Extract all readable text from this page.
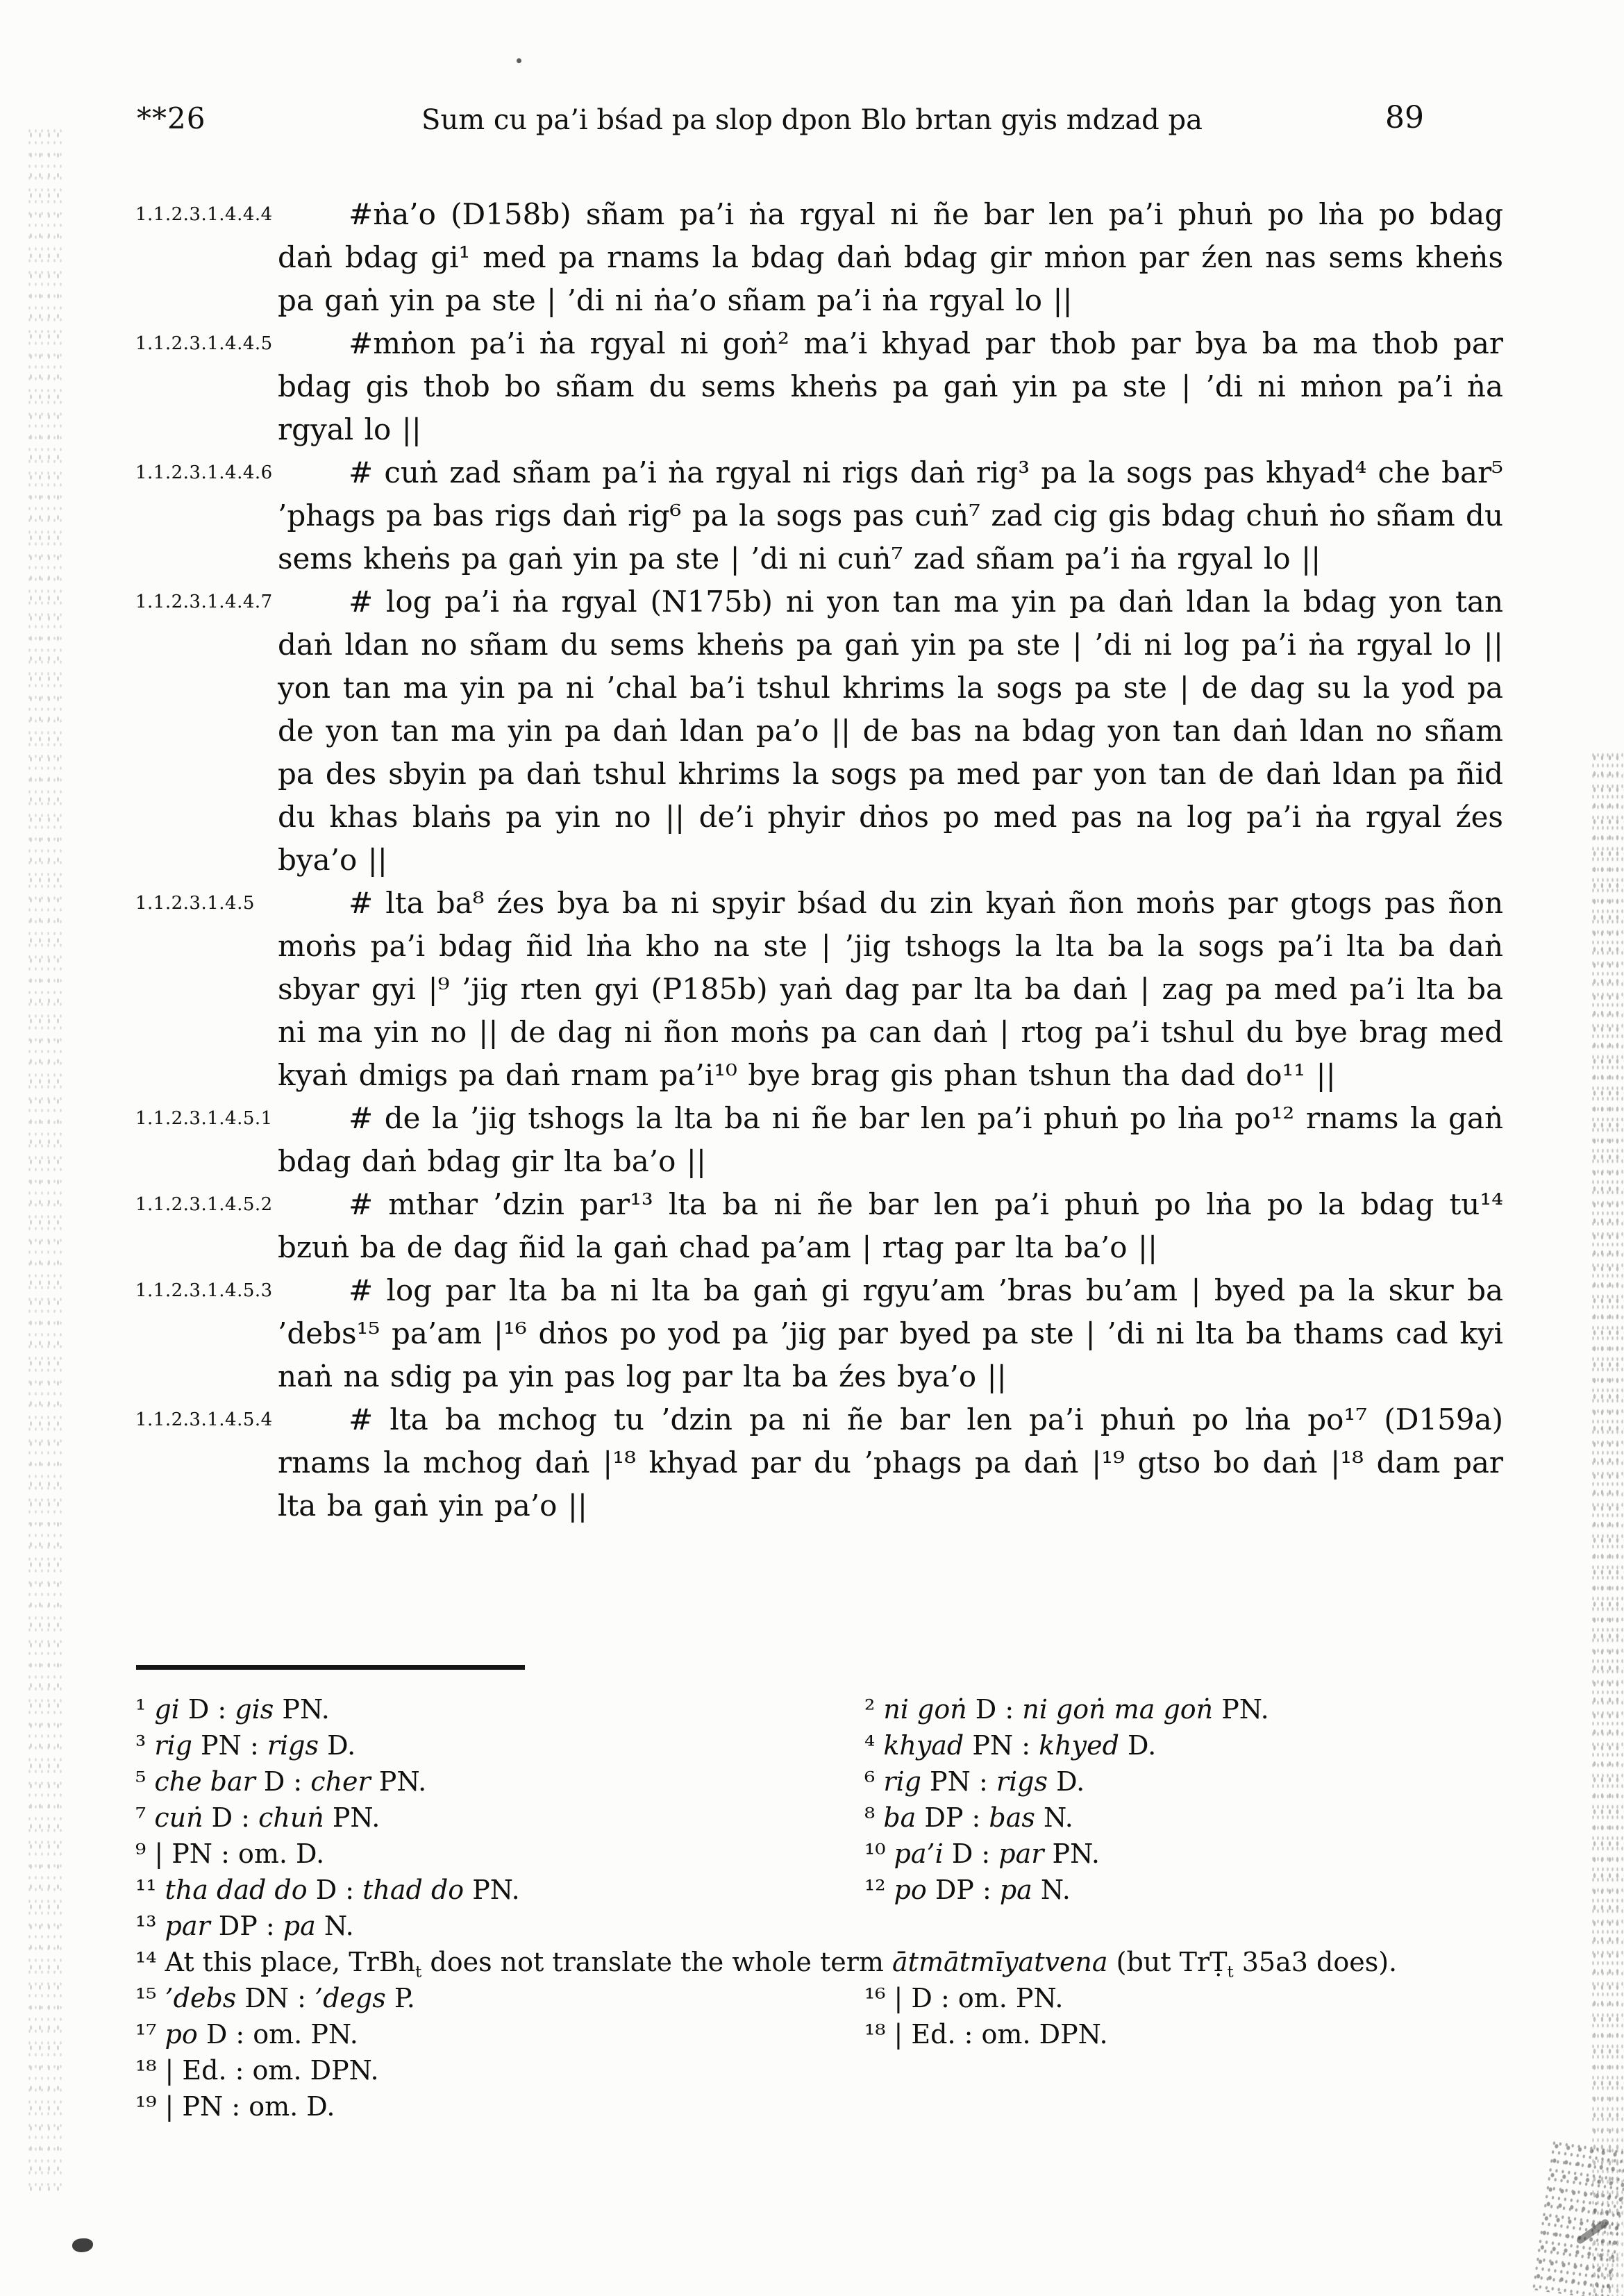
**26	Sum cu pa’i bśad pa slop dpon Blo brtan gyis mdzad pa	89
1.1.2.3.1.4.4.4	#ṅa’o (D158b) sñam pa’i ṅa rgyal ni ñe bar len pa’i phuṅ po lṅa po bdag daṅ bdag gi¹ med pa rnams la bdag daṅ bdag gir mṅon par źen nas sems kheṅs pa gaṅ yin pa ste | ’di ni ṅa’o sñam pa’i ṅa rgyal lo ||
1.1.2.3.1.4.4.5	#mṅon pa’i ṅa rgyal ni goṅ² ma’i khyad par thob par bya ba ma thob par bdag gis thob bo sñam du sems kheṅs pa gaṅ yin pa ste | ’di ni mṅon pa’i ṅa rgyal lo ||
1.1.2.3.1.4.4.6	# cuṅ zad sñam pa’i ṅa rgyal ni rigs daṅ rig³ pa la sogs pas khyad⁴ che bar⁵ ’phags pa bas rigs daṅ rig⁶ pa la sogs pas cuṅ⁷ zad cig gis bdag chuṅ ṅo sñam du sems kheṅs pa gaṅ yin pa ste | ’di ni cuṅ⁷ zad sñam pa’i ṅa rgyal lo ||
1.1.2.3.1.4.4.7	# log pa’i ṅa rgyal (N175b) ni yon tan ma yin pa daṅ ldan la bdag yon tan daṅ ldan no sñam du sems kheṅs pa gaṅ yin pa ste | ’di ni log pa’i ṅa rgyal lo || yon tan ma yin pa ni ’chal ba’i tshul khrims la sogs pa ste | de dag su la yod pa de yon tan ma yin pa daṅ ldan pa’o || de bas na bdag yon tan daṅ ldan no sñam pa des sbyin pa daṅ tshul khrims la sogs pa med par yon tan de daṅ ldan pa ñid du khas blaṅs pa yin no || de’i phyir dṅos po med pas na log pa’i ṅa rgyal źes bya’o ||
1.1.2.3.1.4.5	# lta ba⁸ źes bya ba ni spyir bśad du zin kyaṅ ñon moṅs par gtogs pas ñon moṅs pa’i bdag ñid lṅa kho na ste | ’jig tshogs la lta ba la sogs pa’i lta ba daṅ sbyar gyi |⁹ ’jig rten gyi (P185b) yaṅ dag par lta ba daṅ | zag pa med pa’i lta ba ni ma yin no || de dag ni ñon moṅs pa can daṅ | rtog pa’i tshul du bye brag med kyaṅ dmigs pa daṅ rnam pa’i¹⁰ bye brag gis phan tshun tha dad do¹¹ ||
1.1.2.3.1.4.5.1	# de la ’jig tshogs la lta ba ni ñe bar len pa’i phuṅ po lṅa po¹² rnams la gaṅ bdag daṅ bdag gir lta ba’o ||
1.1.2.3.1.4.5.2	# mthar ’dzin par¹³ lta ba ni ñe bar len pa’i phuṅ po lṅa po la bdag tu¹⁴ bzuṅ ba de dag ñid la gaṅ chad pa’am | rtag par lta ba’o ||
1.1.2.3.1.4.5.3	# log par lta ba ni lta ba gaṅ gi rgyu’am ’bras bu’am | byed pa la skur ba ’debs¹⁵ pa’am |¹⁶ dṅos po yod pa ’jig par byed pa ste | ’di ni lta ba thams cad kyi naṅ na sdig pa yin pas log par lta ba źes bya’o ||
1.1.2.3.1.4.5.4	# lta ba mchog tu ’dzin pa ni ñe bar len pa’i phuṅ po lṅa po¹⁷ (D159a) rnams la mchog daṅ |¹⁸ khyad par du ’phags pa daṅ |¹⁹ gtso bo daṅ |¹⁸ dam par lta ba gaṅ yin pa’o ||
¹ gi D : gis PN.	² ni goṅ D : ni goṅ ma goṅ PN.
³ rig PN : rigs D.	⁴ khyad PN : khyed D.
⁵ che bar D : cher PN.	⁶ rig PN : rigs D.
⁷ cuṅ D : chuṅ PN.	⁸ ba DP : bas N.
⁹ | PN : om. D.	¹⁰ pa’i D : par PN.
¹¹ tha dad do D : thad do PN.	¹² po DP : pa N.
¹³ par DP : pa N.
¹⁴ At this place, TrBh$_t$ does not translate the whole term ātmātmīyatvena (but TrṬ$_t$ 35a3 does).
¹⁵ ’debs DN : ’degs P.	¹⁶ | D : om. PN.
¹⁷ po D : om. PN.	¹⁸ | Ed. : om. DPN.
¹⁸ | Ed. : om. DPN.
¹⁹ | PN : om. D.
